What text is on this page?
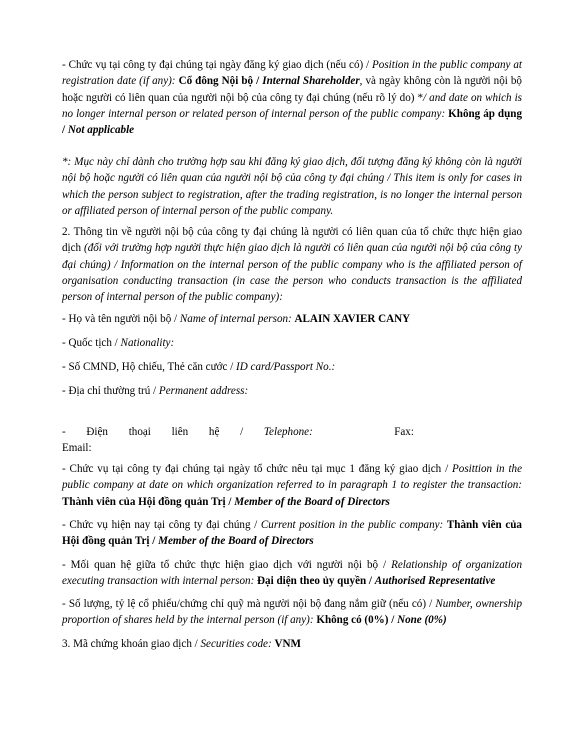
- Chức vụ tại công ty đại chúng tại ngày đăng ký giao dịch (nếu có) / Position in the public company at registration date (if any): Cổ đông Nội bộ / Internal Shareholder, và ngày không còn là người nội bộ hoặc người có liên quan của người nội bộ của công ty đại chúng (nếu rõ lý do) */ and date on which is no longer internal person or related person of internal person of the public company: Không áp dụng / Not applicable

*: Mục này chỉ dành cho trường hợp sau khi đăng ký giao dịch, đối tượng đăng ký không còn là người nội bộ hoặc người có liên quan của người nội bộ của công ty đại chúng / This item is only for cases in which the person subject to registration, after the trading registration, is no longer the internal person or affiliated person of internal person of the public company.

2. Thông tin về người nội bộ của công ty đại chúng là người có liên quan của tổ chức thực hiện giao dịch (đối với trường hợp người thực hiện giao dịch là người có liên quan của người nội bộ của công ty đại chúng) / Information on the internal person of the public company who is the affiliated person of organisation conducting transaction (in case the person who conducts transaction is the affiliated person of internal person of the public company):

- Họ và tên người nội bộ / Name of internal person: ALAIN XAVIER CANY

- Quốc tịch / Nationality:

- Số CMND, Hộ chiếu, Thẻ căn cước / ID card/Passport No.:

- Địa chỉ thường trú / Permanent address:

- Điện thoại liên hệ / Telephone:	Fax:
Email:

- Chức vụ tại công ty đại chúng tại ngày tổ chức nêu tại mục 1 đăng ký giao dịch / Posittion in the public company at date on which organization referred to in paragraph 1 to register the transaction: Thành viên của Hội đồng quản Trị / Member of the Board of Directors

- Chức vụ hiện nay tại công ty đại chúng / Current position in the public company: Thành viên của Hội đồng quản Trị / Member of the Board of Directors

- Mối quan hệ giữa tổ chức thực hiện giao dịch với người nội bộ / Relationship of organization executing transaction with internal person: Đại diện theo ủy quyền / Authorised Representative

- Số lượng, tỷ lệ cổ phiếu/chứng chỉ quỹ mà người nội bộ đang nắm giữ (nếu có) / Number, ownership proportion of shares held by the internal person (if any): Không có (0%) / None (0%)

3. Mã chứng khoán giao dịch / Securities code: VNM
